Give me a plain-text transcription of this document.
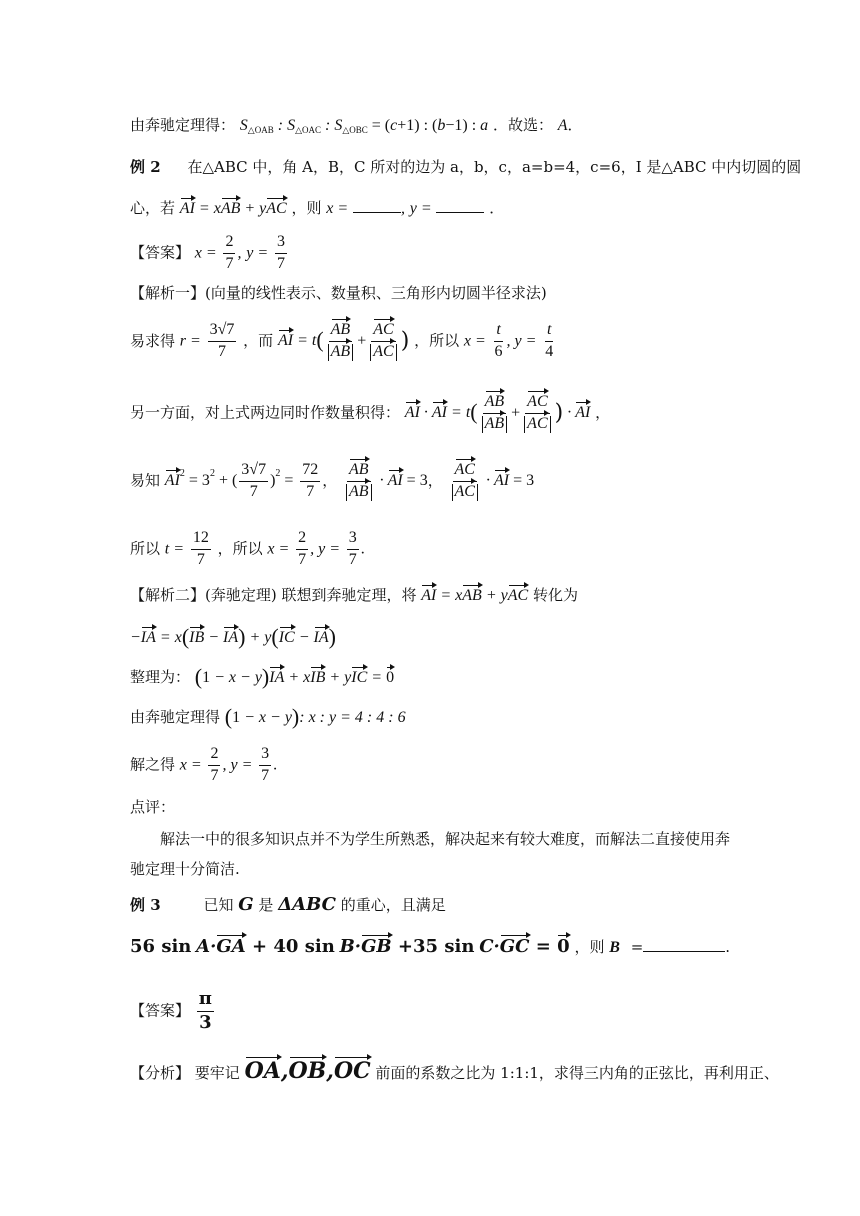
由奔驰定理得： $S_{\triangle OAB}$ : $S_{\triangle OAC}$ : $S_{\triangle OBC} = (c+1)$ : (b−1) : a ．故选： A．
例 2 在△ABC 中，角 A，B，C 所对的边为 a，b，c，a=b=4，c=6，I 是△ABC 中内切圆的圆
心，若 AI = xAB + yAC ，则 x =	, y =	．
【答案】 $x = \frac{2}{7}$ , $y = \frac{3}{7}$
【解析一】(向量的线性表示、数量积、三角形内切圆半径求法)
易求得 $r = \frac{3√7}{7}$ ，而 AI = $t( \frac{AB}{AB} + \frac{AC}{AC}$ ) ，所以 $x = \frac{t}{6}$ , $y = \frac{t}{4}$
另一方面，对上式两边同时作数量积得： AI · AI = $t( \frac{AB}{AB} + \frac{AC}{AC}$ ) · AI ，
易知 $AI^2 = 3^2$ + ( $\frac{3√7}{7} )^2 = \frac{72}{7}$ ， $\frac{AB}{AB}$ · AI = 3， $\frac{AC}{AC}$ · AI = 3
所以 $t = \frac{12}{7}$ ，所以 $x = \frac{2}{7}$ , $y = \frac{3}{7}$ .
【解析二】(奔驰定理) 联想到奔驰定理，将 AI = xAB + yAC 转化为
−IA = x(IB − IA) + y(IC − IA)
整理为： (1 − x − y)IA + xIB + yIC = 0
由奔驰定理得 (1 − x − y): x : y = 4 : 4 : 6
解之得 $x = \frac{2}{7}$ , $y = \frac{3}{7}$ .
点评：
解法一中的很多知识点并不为学生所熟悉，解决起来有较大难度，而解法二直接使用奔
驰定理十分简洁.
例 3	已知 G 是 ΔABC 的重心，且满足
56 sin A·GA + 40 sin B·GB +35 sin C·GC = 0 ，则 B =	.
【答案】 $\frac{\pi}{3}$
【分析】 要牢记 OA,OB,OC 前面的系数之比为 1:1:1，求得三内角的正弦比，再利用正、
